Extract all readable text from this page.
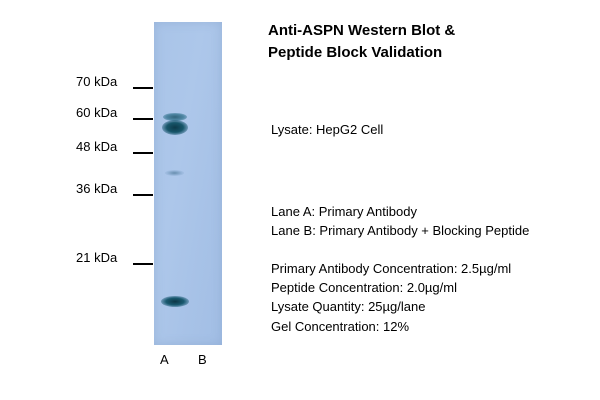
70 kDa
60 kDa
48 kDa
36 kDa
21 kDa
A B
Anti-ASPN Western Blot &
Peptide Block Validation
Lysate: HepG2 Cell
Lane A: Primary Antibody
Lane B: Primary Antibody + Blocking Peptide
Primary Antibody Concentration: 2.5µg/ml
Peptide Concentration: 2.0µg/ml
Lysate Quantity: 25µg/lane
Gel Concentration: 12%
